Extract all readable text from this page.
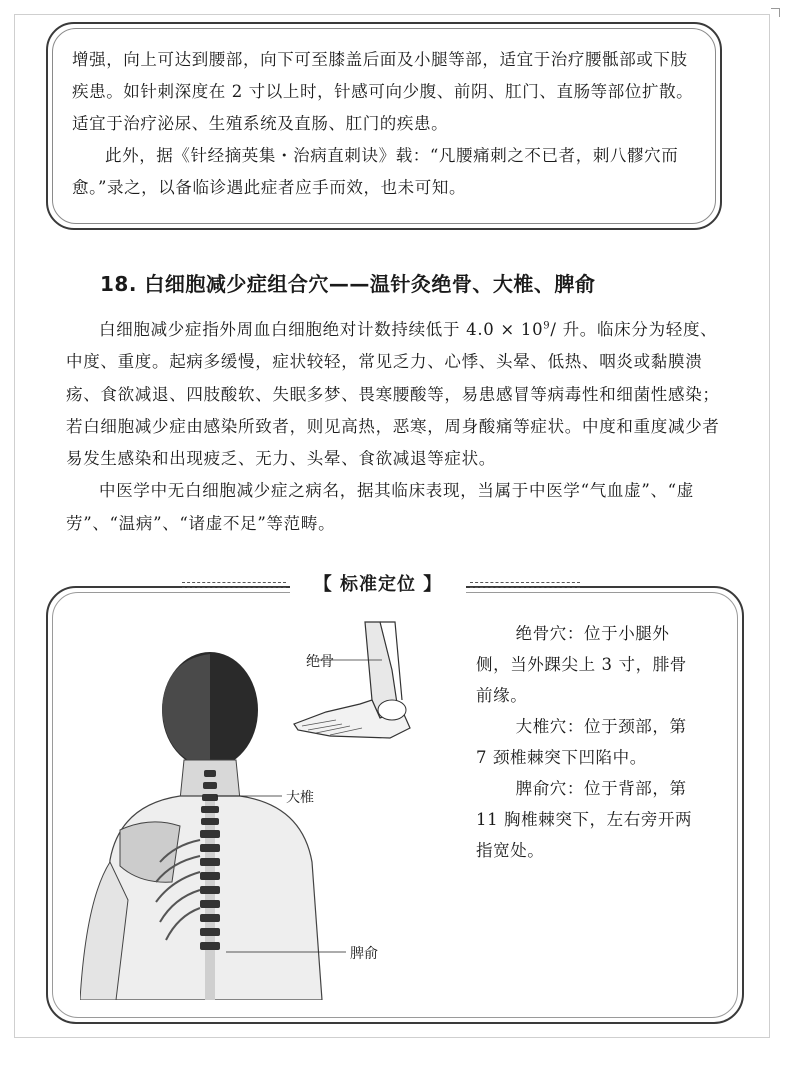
增强，向上可达到腰部，向下可至膝盖后面及小腿等部，适宜于治疗腰骶部或下肢疾患。如针刺深度在 2 寸以上时，针感可向少腹、前阴、肛门、直肠等部位扩散。适宜于治疗泌尿、生殖系统及直肠、肛门的疾患。

此外，据《针经摘英集・治病直刺诀》载：“凡腰痛刺之不已者，刺八髎穴而愈。”录之，以备临诊遇此症者应手而效，也未可知。

18. 白细胞减少症组合穴——温针灸绝骨、大椎、脾俞

白细胞减少症指外周血白细胞绝对计数持续低于 $4.0 \times 10^9/$ 升。临床分为轻度、中度、重度。起病多缓慢，症状较轻，常见乏力、心悸、头晕、低热、咽炎或黏膜溃疡、食欲减退、四肢酸软、失眠多梦、畏寒腰酸等，易患感冒等病毒性和细菌性感染；若白细胞减少症由感染所致者，则见高热，恶寒，周身酸痛等症状。中度和重度减少者易发生感染和出现疲乏、无力、头晕、食欲减退等症状。

中医学中无白细胞减少症之病名，据其临床表现，当属于中医学“气血虚”、“虚劳”、“温病”、“诸虚不足”等范畴。

【 标准定位 】
绝骨
大椎
脾俞

绝骨穴：位于小腿外侧，当外踝尖上 3 寸，腓骨前缘。

大椎穴：位于颈部，第 7 颈椎棘突下凹陷中。

脾俞穴：位于背部，第 11 胸椎棘突下，左右旁开两指宽处。
